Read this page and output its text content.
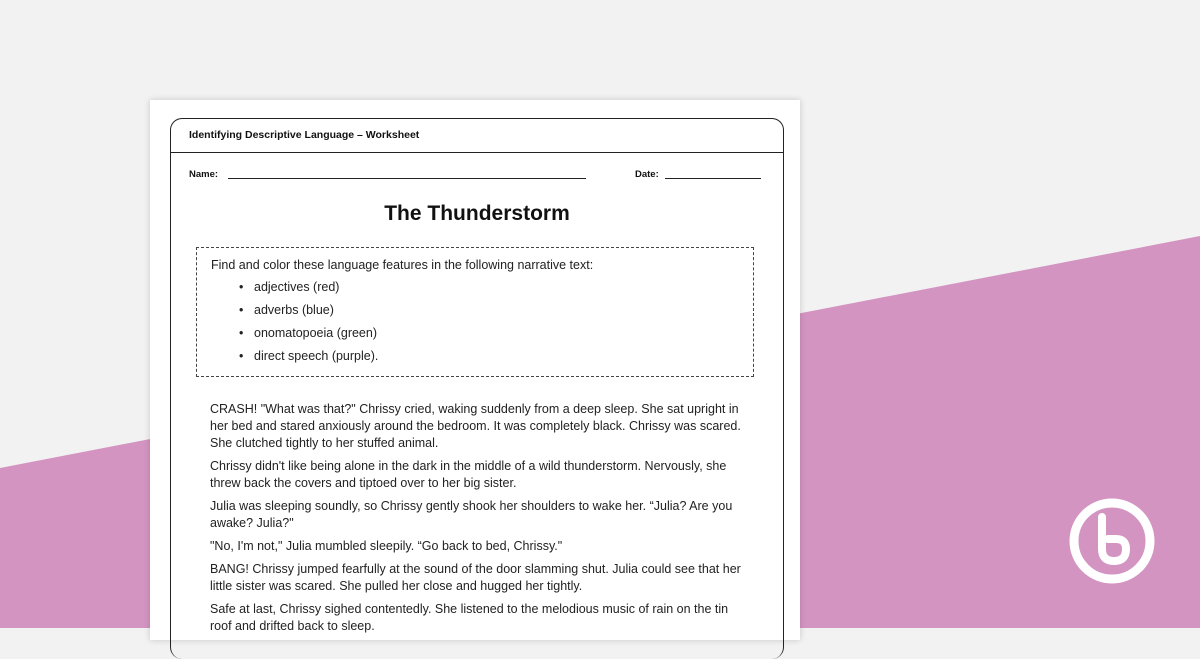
Identifying Descriptive Language – Worksheet
Name:	Date:
The Thunderstorm
Find and color these language features in the following narrative text:
• adjectives (red)
• adverbs (blue)
• onomatopoeia (green)
• direct speech (purple).

CRASH! "What was that?" Chrissy cried, waking suddenly from a deep sleep. She sat upright in her bed and stared anxiously around the bedroom. It was completely black. Chrissy was scared. She clutched tightly to her stuffed animal.

Chrissy didn't like being alone in the dark in the middle of a wild thunderstorm. Nervously, she threw back the covers and tiptoed over to her big sister.

Julia was sleeping soundly, so Chrissy gently shook her shoulders to wake her. “Julia? Are you awake? Julia?"

"No, I'm not," Julia mumbled sleepily. “Go back to bed, Chrissy."

BANG! Chrissy jumped fearfully at the sound of the door slamming shut. Julia could see that her little sister was scared. She pulled her close and hugged her tightly.

Safe at last, Chrissy sighed contentedly. She listened to the melodious music of rain on the tin roof and drifted back to sleep.
